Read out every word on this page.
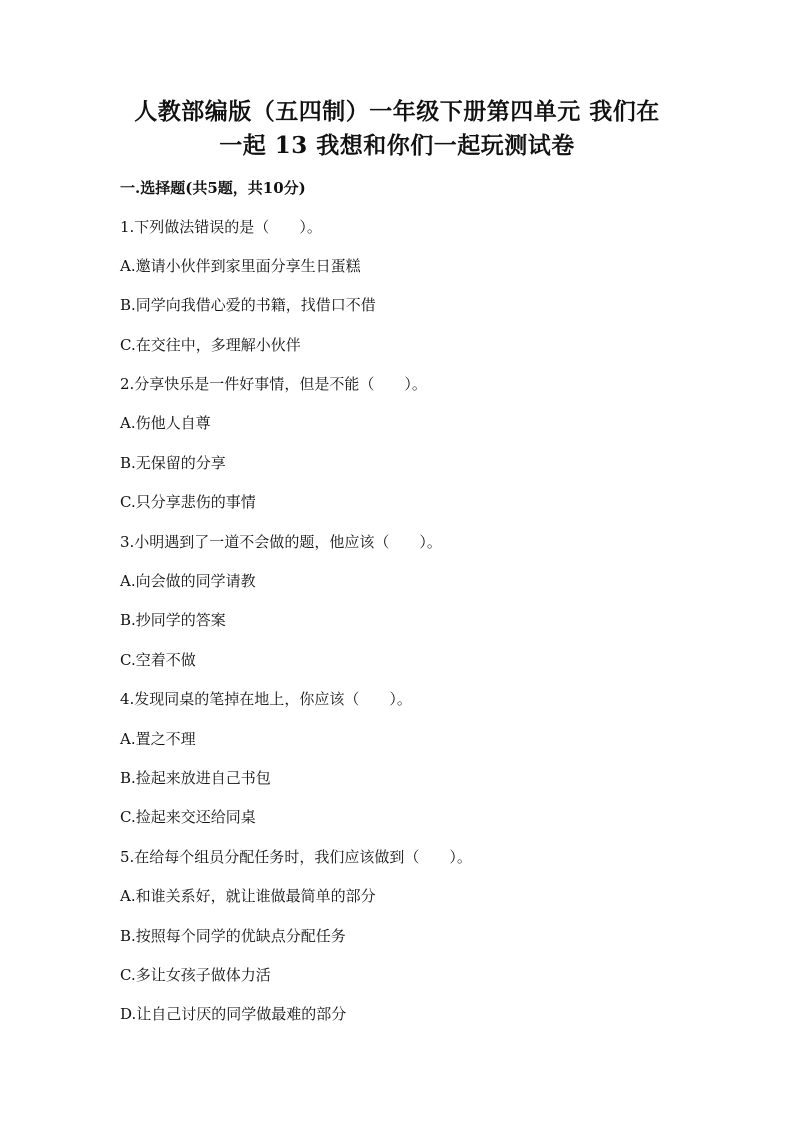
人教部编版（五四制）一年级下册第四单元 我们在
一起 13 我想和你们一起玩测试卷
一.选择题(共5题，共10分)
1.下列做法错误的是（　　）。
A.邀请小伙伴到家里面分享生日蛋糕
B.同学向我借心爱的书籍，找借口不借
C.在交往中，多理解小伙伴
2.分享快乐是一件好事情，但是不能（　　）。
A.伤他人自尊
B.无保留的分享
C.只分享悲伤的事情
3.小明遇到了一道不会做的题，他应该（　　）。
A.向会做的同学请教
B.抄同学的答案
C.空着不做
4.发现同桌的笔掉在地上，你应该（　　）。
A.置之不理
B.捡起来放进自己书包
C.捡起来交还给同桌
5.在给每个组员分配任务时，我们应该做到（　　）。
A.和谁关系好，就让谁做最简单的部分
B.按照每个同学的优缺点分配任务
C.多让女孩子做体力活
D.让自己讨厌的同学做最难的部分
